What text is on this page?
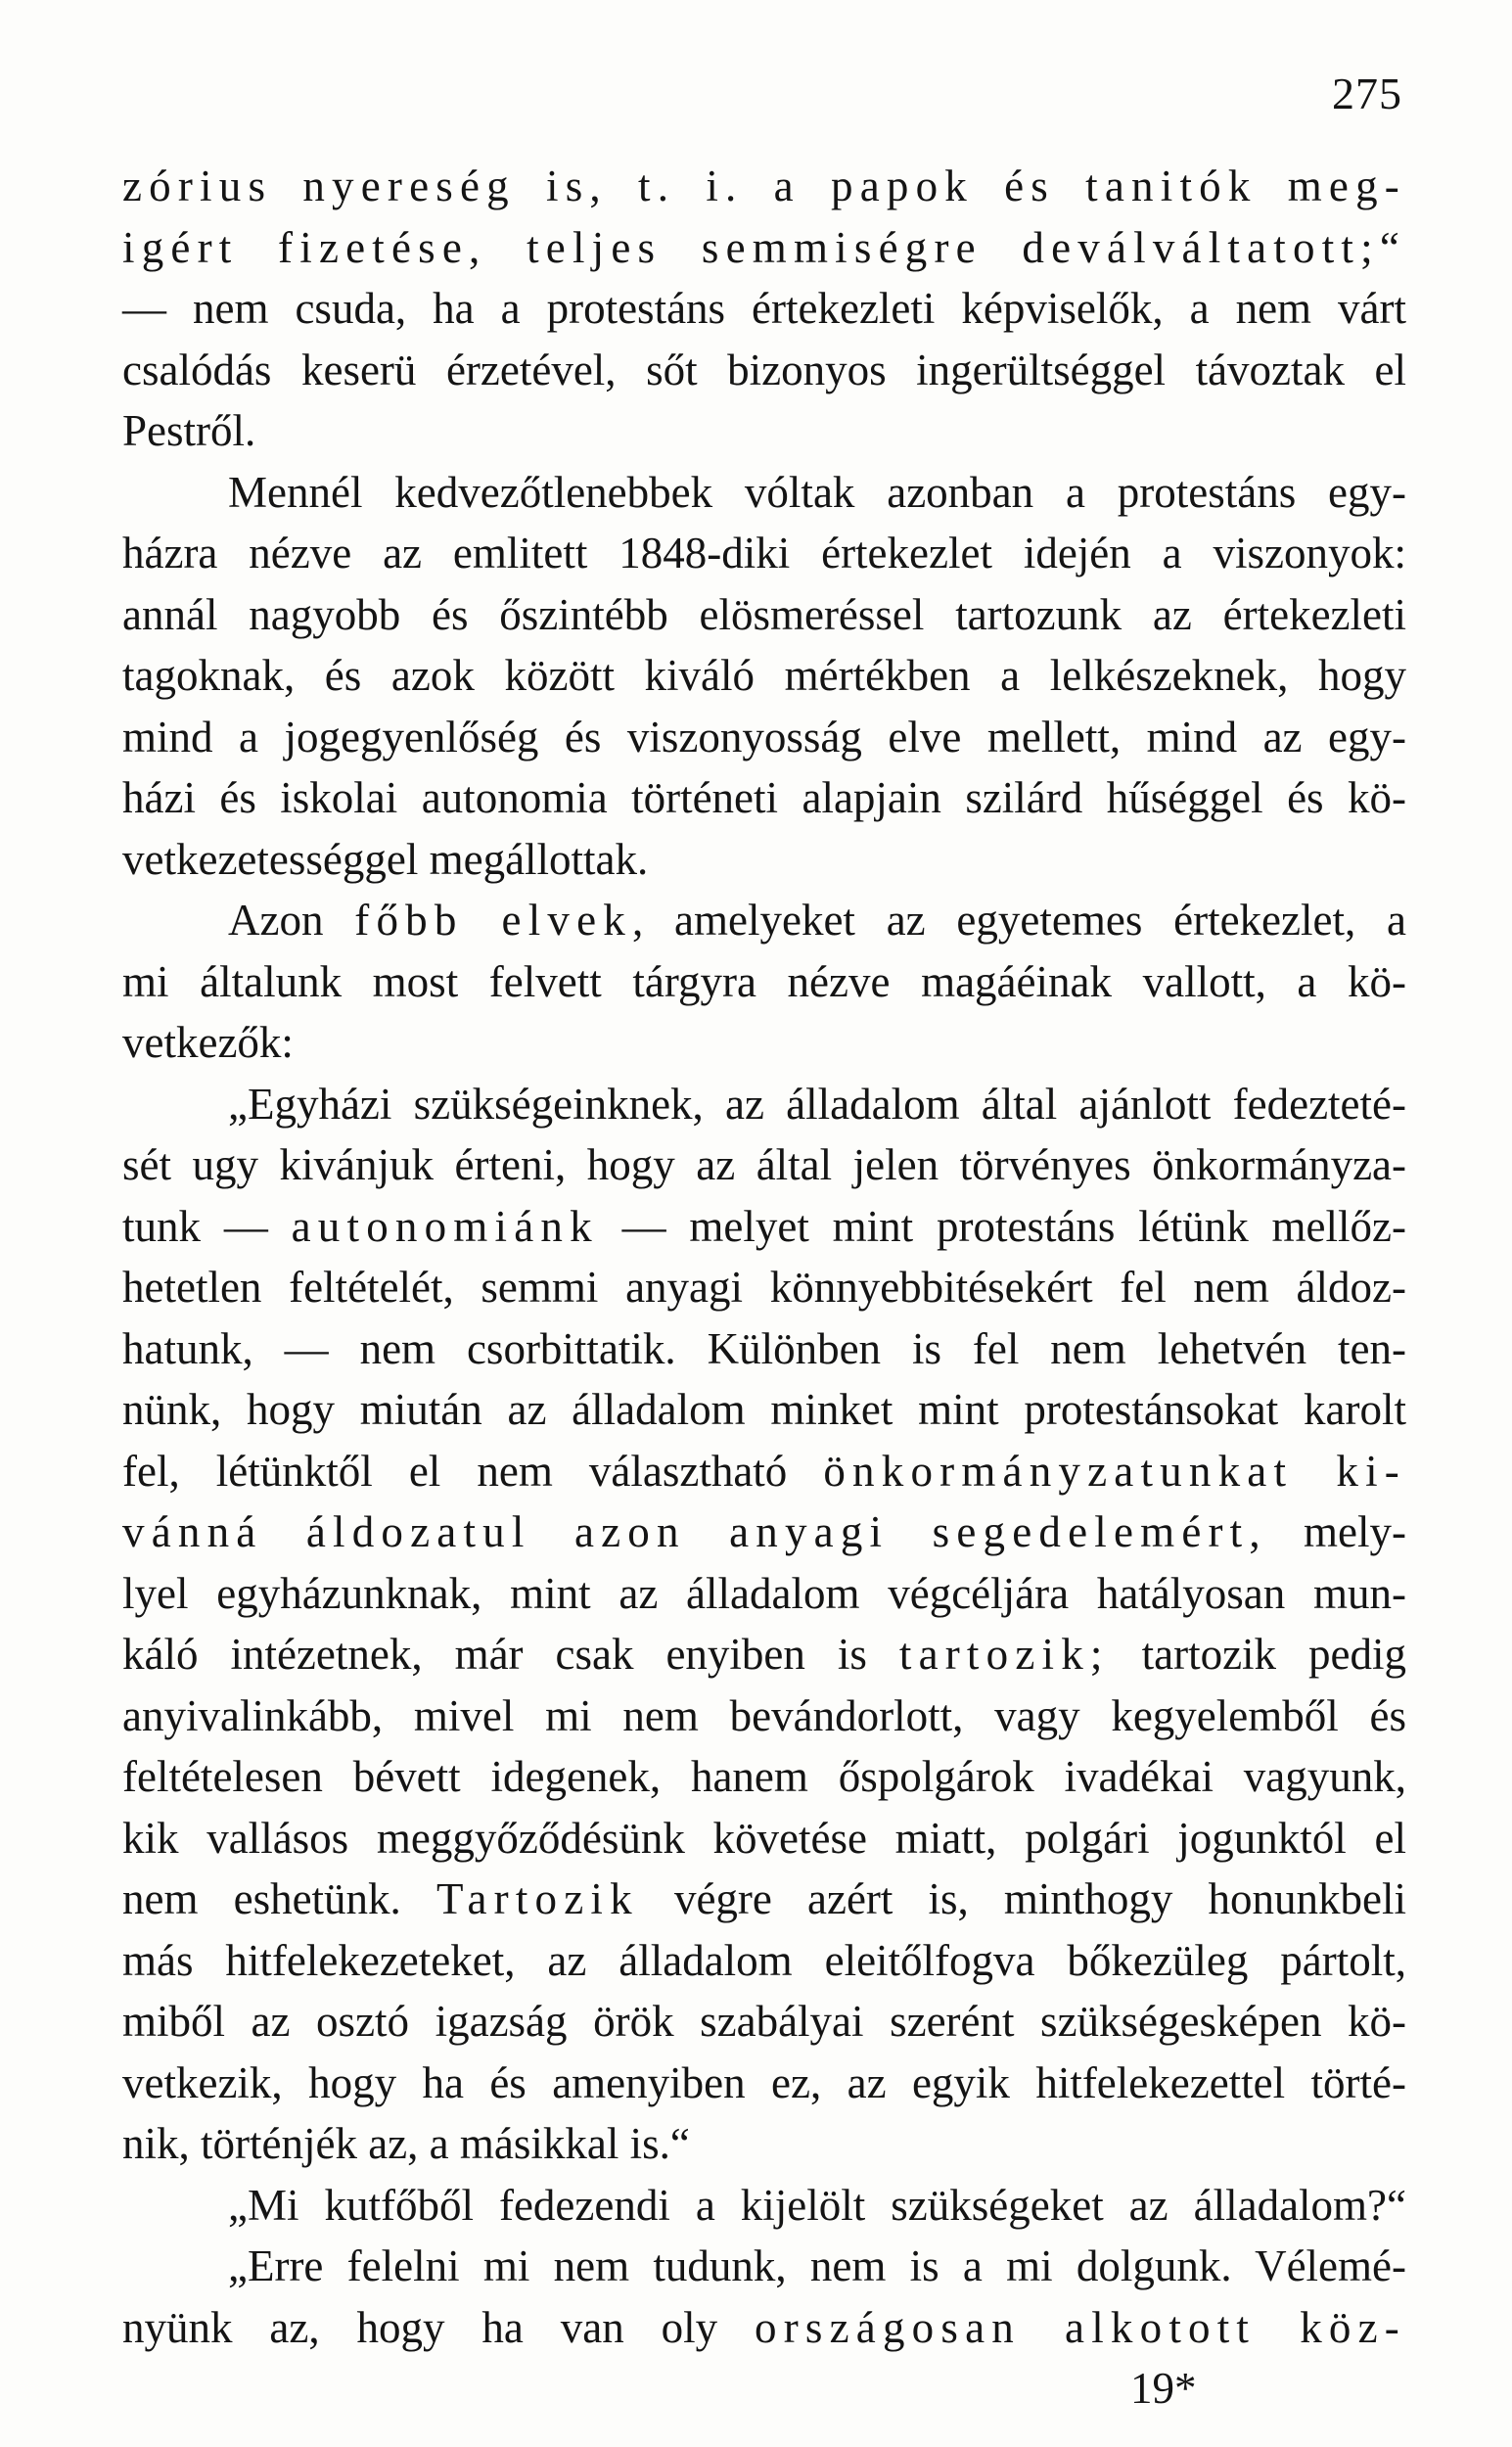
275
zórius nyereség is, t. i. a papok és tanitók meg-
igért fizetése, teljes semmiségre deválváltatott;“
— nem csuda, ha a protestáns értekezleti képviselők, a nem várt
csalódás keserü érzetével, sőt bizonyos ingerültséggel távoztak el
Pestről.
Mennél kedvezőtlenebbek vóltak azonban a protestáns egy-
házra nézve az emlitett 1848-diki értekezlet idején a viszonyok:
annál nagyobb és őszintébb elösmeréssel tartozunk az értekezleti
tagoknak, és azok között kiváló mértékben a lelkészeknek, hogy
mind a jogegyenlőség és viszonyosság elve mellett, mind az egy-
házi és iskolai autonomia történeti alapjain szilárd hűséggel és kö-
vetkezetességgel megállottak.
Azon főbb elvek, amelyeket az egyetemes értekezlet, a
mi általunk most felvett tárgyra nézve magáéinak vallott, a kö-
vetkezők:
„Egyházi szükségeinknek, az álladalom által ajánlott fedezteté-
sét ugy kivánjuk érteni, hogy az által jelen törvényes önkormányza-
tunk — autonomiánk — melyet mint protestáns létünk mellőz-
hetetlen feltételét, semmi anyagi könnyebbitésekért fel nem áldoz-
hatunk, — nem csorbittatik. Különben is fel nem lehetvén ten-
nünk, hogy miután az álladalom minket mint protestánsokat karolt
fel, létünktől el nem választható önkormányzatunkat ki-
vánná áldozatul azon anyagi segedelemért, mely-
lyel egyházunknak, mint az álladalom végcéljára hatályosan mun-
káló intézetnek, már csak enyiben is tartozik; tartozik pedig
anyivalinkább, mivel mi nem bevándorlott, vagy kegyelemből és
feltételesen bévett idegenek, hanem őspolgárok ivadékai vagyunk,
kik vallásos meggyőződésünk követése miatt, polgári jogunktól el
nem eshetünk. Tartozik végre azért is, minthogy honunkbeli
más hitfelekezeteket, az álladalom eleitőlfogva bőkezüleg pártolt,
miből az osztó igazság örök szabályai szerént szükségesképen kö-
vetkezik, hogy ha és amenyiben ez, az egyik hitfelekezettel törté-
nik, történjék az, a másikkal is.“
„Mi kutfőből fedezendi a kijelölt szükségeket az álladalom?“
„Erre felelni mi nem tudunk, nem is a mi dolgunk. Vélemé-
nyünk az, hogy ha van oly országosan alkotott köz-
19*
